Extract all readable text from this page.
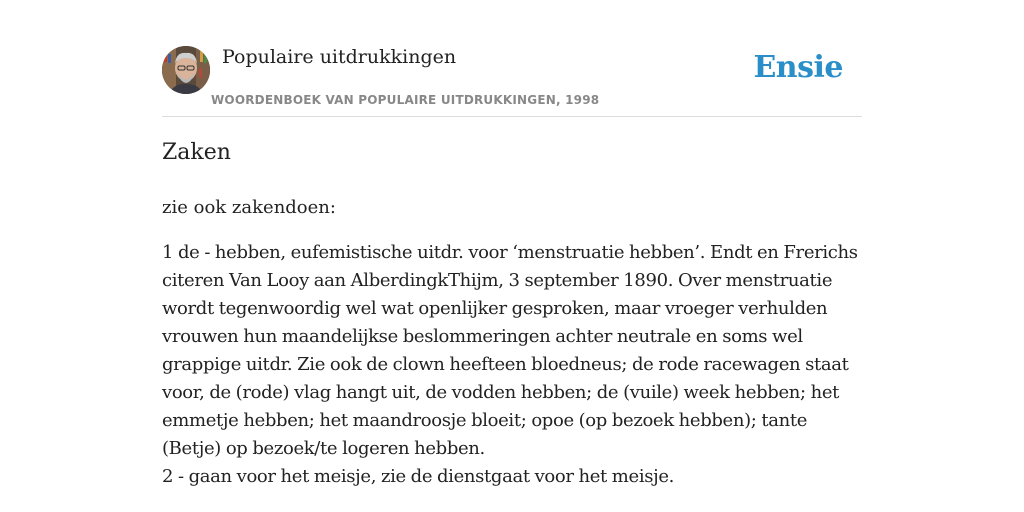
Populaire uitdrukkingen
WOORDENBOEK VAN POPULAIRE UITDRUKKINGEN, 1998
Ensie
Zaken

zie ook zakendoen:

1 de - hebben, eufemistische uitdr. voor ‘menstruatie hebben’. Endt en Frerichs citeren Van Looy aan AlberdingkThijm, 3 september 1890. Over menstruatie wordt tegenwoordig wel wat openlijker gesproken, maar vroeger verhulden vrouwen hun maandelijkse beslommeringen achter neutrale en soms wel grappige uitdr. Zie ook de clown heefteen bloedneus; de rode racewagen staat voor, de (rode) vlag hangt uit, de vodden hebben; de (vuile) week hebben; het emmetje hebben; het maandroosje bloeit; opoe (op bezoek hebben); tante (Betje) op bezoek/te logeren hebben.

2 - gaan voor het meisje, zie de dienstgaat voor het meisje.
